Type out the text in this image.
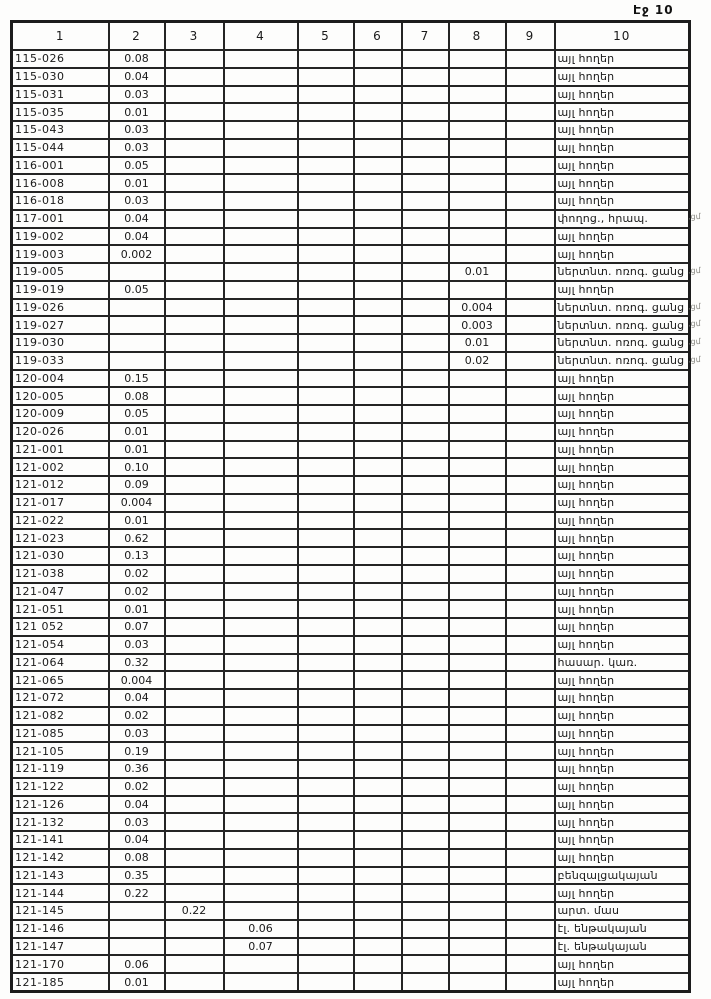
Էջ 10
1	2	3	4	5	6	7	8	9	10
115-026	0.08								այլ հողեր
115-030	0.04								այլ հողեր
115-031	0.03								այլ հողեր
115-035	0.01								այլ հողեր
115-043	0.03								այլ հողեր
115-044	0.03								այլ հողեր
116-001	0.05								այլ հողեր
116-008	0.01								այլ հողեր
116-018	0.03								այլ հողեր
117-001	0.04								փողոց., հրապ.
119-002	0.04								այլ հողեր
119-003	0.002								այլ հողեր
119-005							0.01		ներտնտ. ոռոգ. ցանց
119-019	0.05								այլ հողեր
119-026							0.004		ներտնտ. ոռոգ. ցանց
119-027							0.003		ներտնտ. ոռոգ. ցանց
119-030							0.01		ներտնտ. ոռոգ. ցանց
119-033							0.02		ներտնտ. ոռոգ. ցանց
120-004	0.15								այլ հողեր
120-005	0.08								այլ հողեր
120-009	0.05								այլ հողեր
120-026	0.01								այլ հողեր
121-001	0.01								այլ հողեր
121-002	0.10								այլ հողեր
121-012	0.09								այլ հողեր
121-017	0.004								այլ հողեր
121-022	0.01								այլ հողեր
121-023	0.62								այլ հողեր
121-030	0.13								այլ հողեր
121-038	0.02								այլ հողեր
121-047	0.02								այլ հողեր
121-051	0.01								այլ հողեր
121 052	0.07								այլ հողեր
121-054	0.03								այլ հողեր
121-064	0.32								հասար. կառ.
121-065	0.004								այլ հողեր
121-072	0.04								այլ հողեր
121-082	0.02								այլ հողեր
121-085	0.03								այլ հողեր
121-105	0.19								այլ հողեր
121-119	0.36								այլ հողեր
121-122	0.02								այլ հողեր
121-126	0.04								այլ հողեր
121-132	0.03								այլ հողեր
121-141	0.04								այլ հողեր
121-142	0.08								այլ հողեր
121-143	0.35								բենզալցակայան
121-144	0.22								այլ հողեր
121-145		0.22							արտ. մաս
121-146			0.06						էլ. ենթակայան
121-147			0.07						էլ. ենթակայան
121-170	0.06								այլ հողեր
121-185	0.01								այլ հողեր
.ցմ
.ցմ
.ցմ
.ցմ
.ցմ
.ցմ
